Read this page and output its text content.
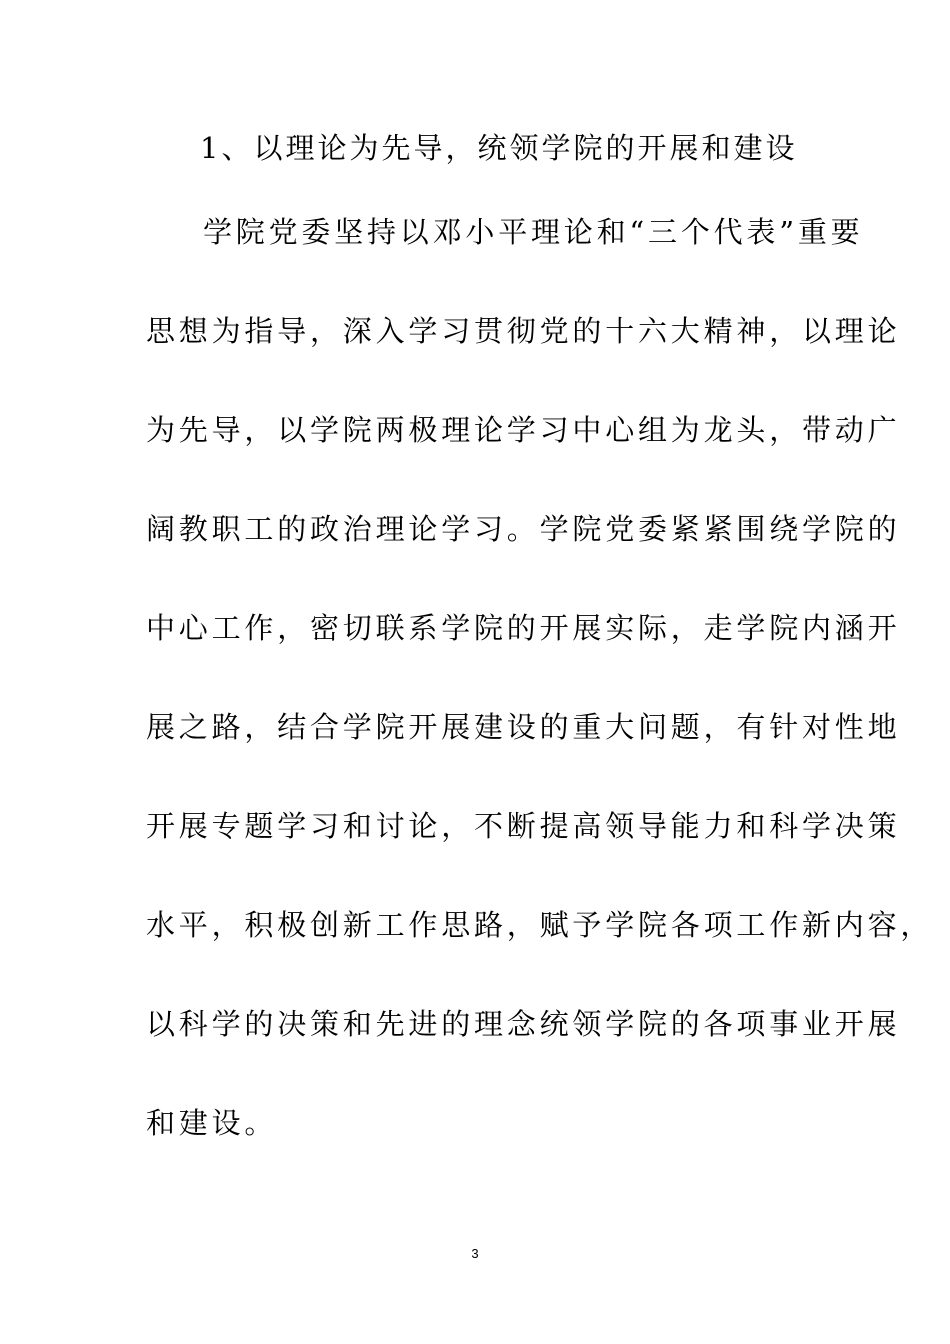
1、以理论为先导，统领学院的开展和建设
学院党委坚持以邓小平理论和“三个代表”重要
思想为指导，深入学习贯彻党的十六大精神，以理论
为先导，以学院两极理论学习中心组为龙头，带动广
阔教职工的政治理论学习。学院党委紧紧围绕学院的
中心工作，密切联系学院的开展实际，走学院内涵开
展之路，结合学院开展建设的重大问题，有针对性地
开展专题学习和讨论，不断提高领导能力和科学决策
水平，积极创新工作思路，赋予学院各项工作新内容，
以科学的决策和先进的理念统领学院的各项事业开展
和建设。
3
